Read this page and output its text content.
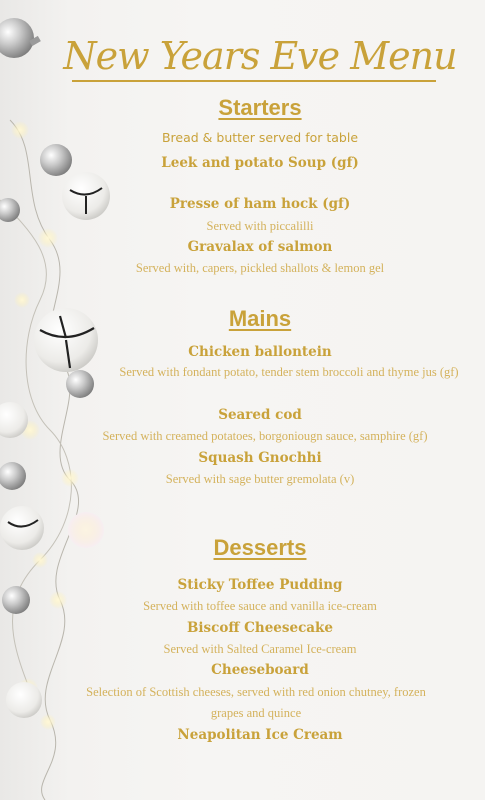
New Years Eve Menu
Starters
Bread & butter served for table
Leek and potato Soup (gf)
Presse of ham hock (gf)
Served with piccalilli
Gravalax of salmon
Served with, capers, pickled shallots & lemon gel
Mains
Chicken ballontein
Served with fondant potato, tender stem broccoli and thyme jus (gf)
Seared cod
Served with creamed potatoes, borgoniougn sauce, samphire (gf)
Squash Gnochhi
Served with sage butter gremolata (v)
Desserts
Sticky Toffee Pudding
Served with toffee sauce and vanilla ice-cream
Biscoff Cheesecake
Served with Salted Caramel Ice-cream
Cheeseboard
Selection of Scottish cheeses, served with red onion chutney, frozen grapes and quince
Neapolitan Ice Cream
